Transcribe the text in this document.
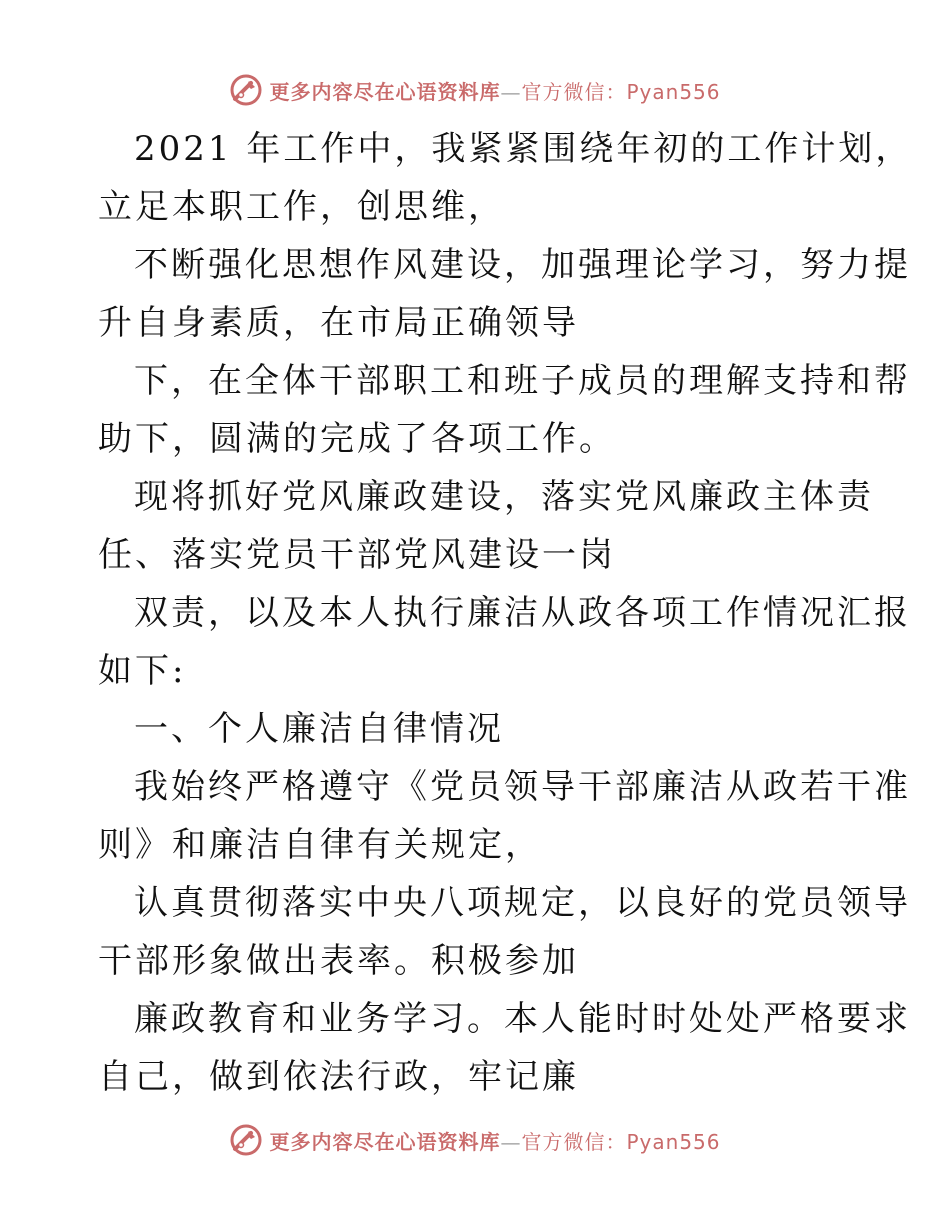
更多内容尽在心语资料库—官方微信：Pyan556
2021 年工作中，我紧紧围绕年初的工作计划，
立足本职工作，创思维，
不断强化思想作风建设，加强理论学习，努力提
升自身素质，在市局正确领导
下，在全体干部职工和班子成员的理解支持和帮
助下，圆满的完成了各项工作。
现将抓好党风廉政建设，落实党风廉政主体责
任、落实党员干部党风建设一岗
双责，以及本人执行廉洁从政各项工作情况汇报
如下:
一、个人廉洁自律情况
我始终严格遵守《党员领导干部廉洁从政若干准
则》和廉洁自律有关规定，
认真贯彻落实中央八项规定，以良好的党员领导
干部形象做出表率。积极参加
廉政教育和业务学习。本人能时时处处严格要求
自己，做到依法行政，牢记廉
更多内容尽在心语资料库—官方微信：Pyan556
